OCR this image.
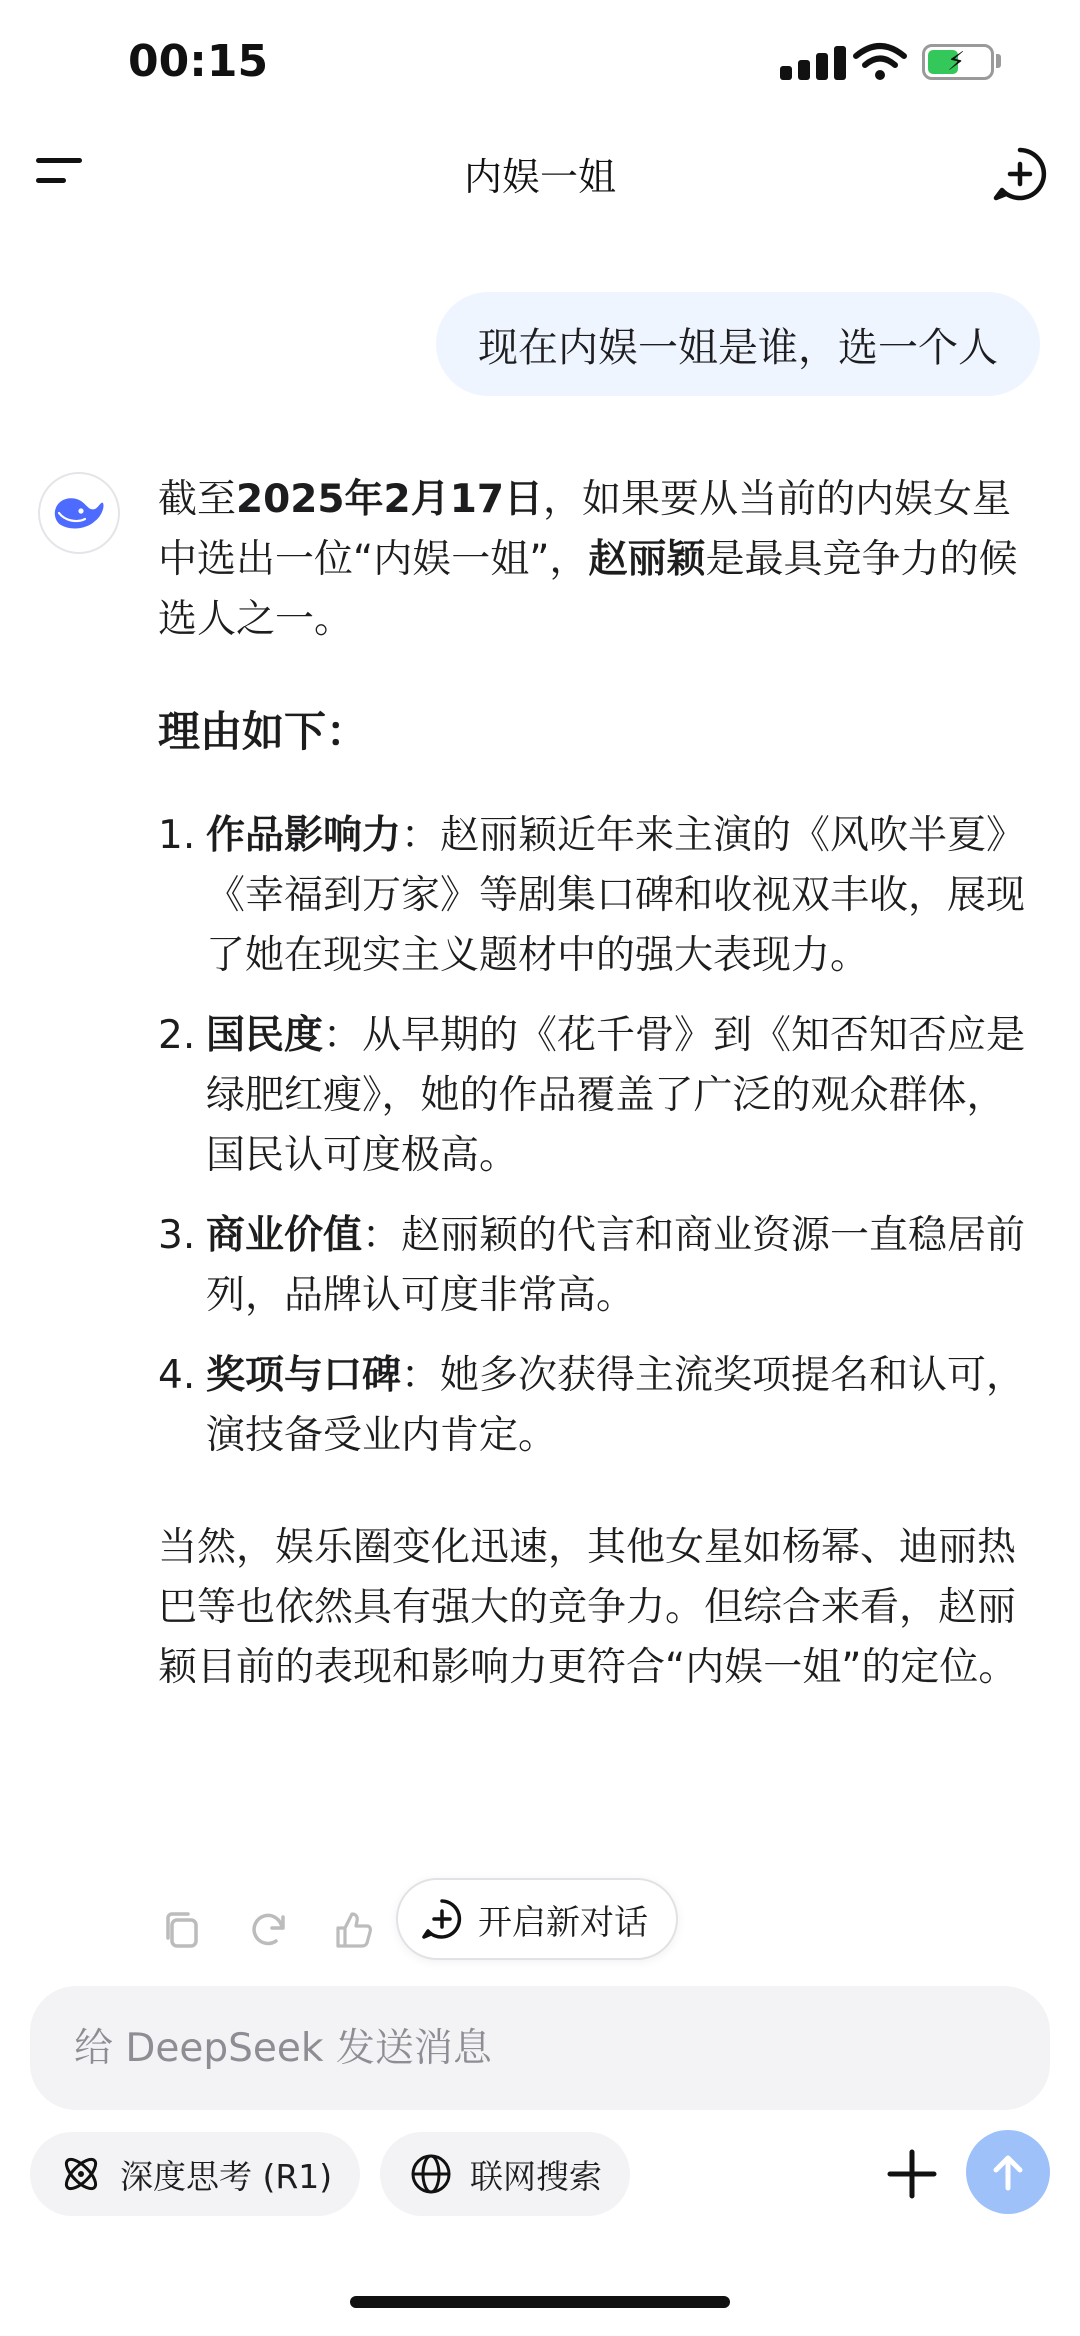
00:15	⚡
内娱一姐
现在内娱一姐是谁，选一个人

截至2025年2月17日，如果要从当前的内娱女星中选出一位“内娱一姐”，赵丽颖是最具竞争力的候选人之一。

理由如下：

1. 作品影响力：赵丽颖近年来主演的《风吹半夏》《幸福到万家》等剧集口碑和收视双丰收，展现了她在现实主义题材中的强大表现力。
2. 国民度：从早期的《花千骨》到《知否知否应是绿肥红瘦》，她的作品覆盖了广泛的观众群体，国民认可度极高。
3. 商业价值：赵丽颖的代言和商业资源一直稳居前列，品牌认可度非常高。
4. 奖项与口碑：她多次获得主流奖项提名和认可，演技备受业内肯定。

当然，娱乐圈变化迅速，其他女星如杨幂、迪丽热巴等也依然具有强大的竞争力。但综合来看，赵丽颖目前的表现和影响力更符合“内娱一姐”的定位。

开启新对话
给 DeepSeek 发送消息
深度思考 (R1)	联网搜索
